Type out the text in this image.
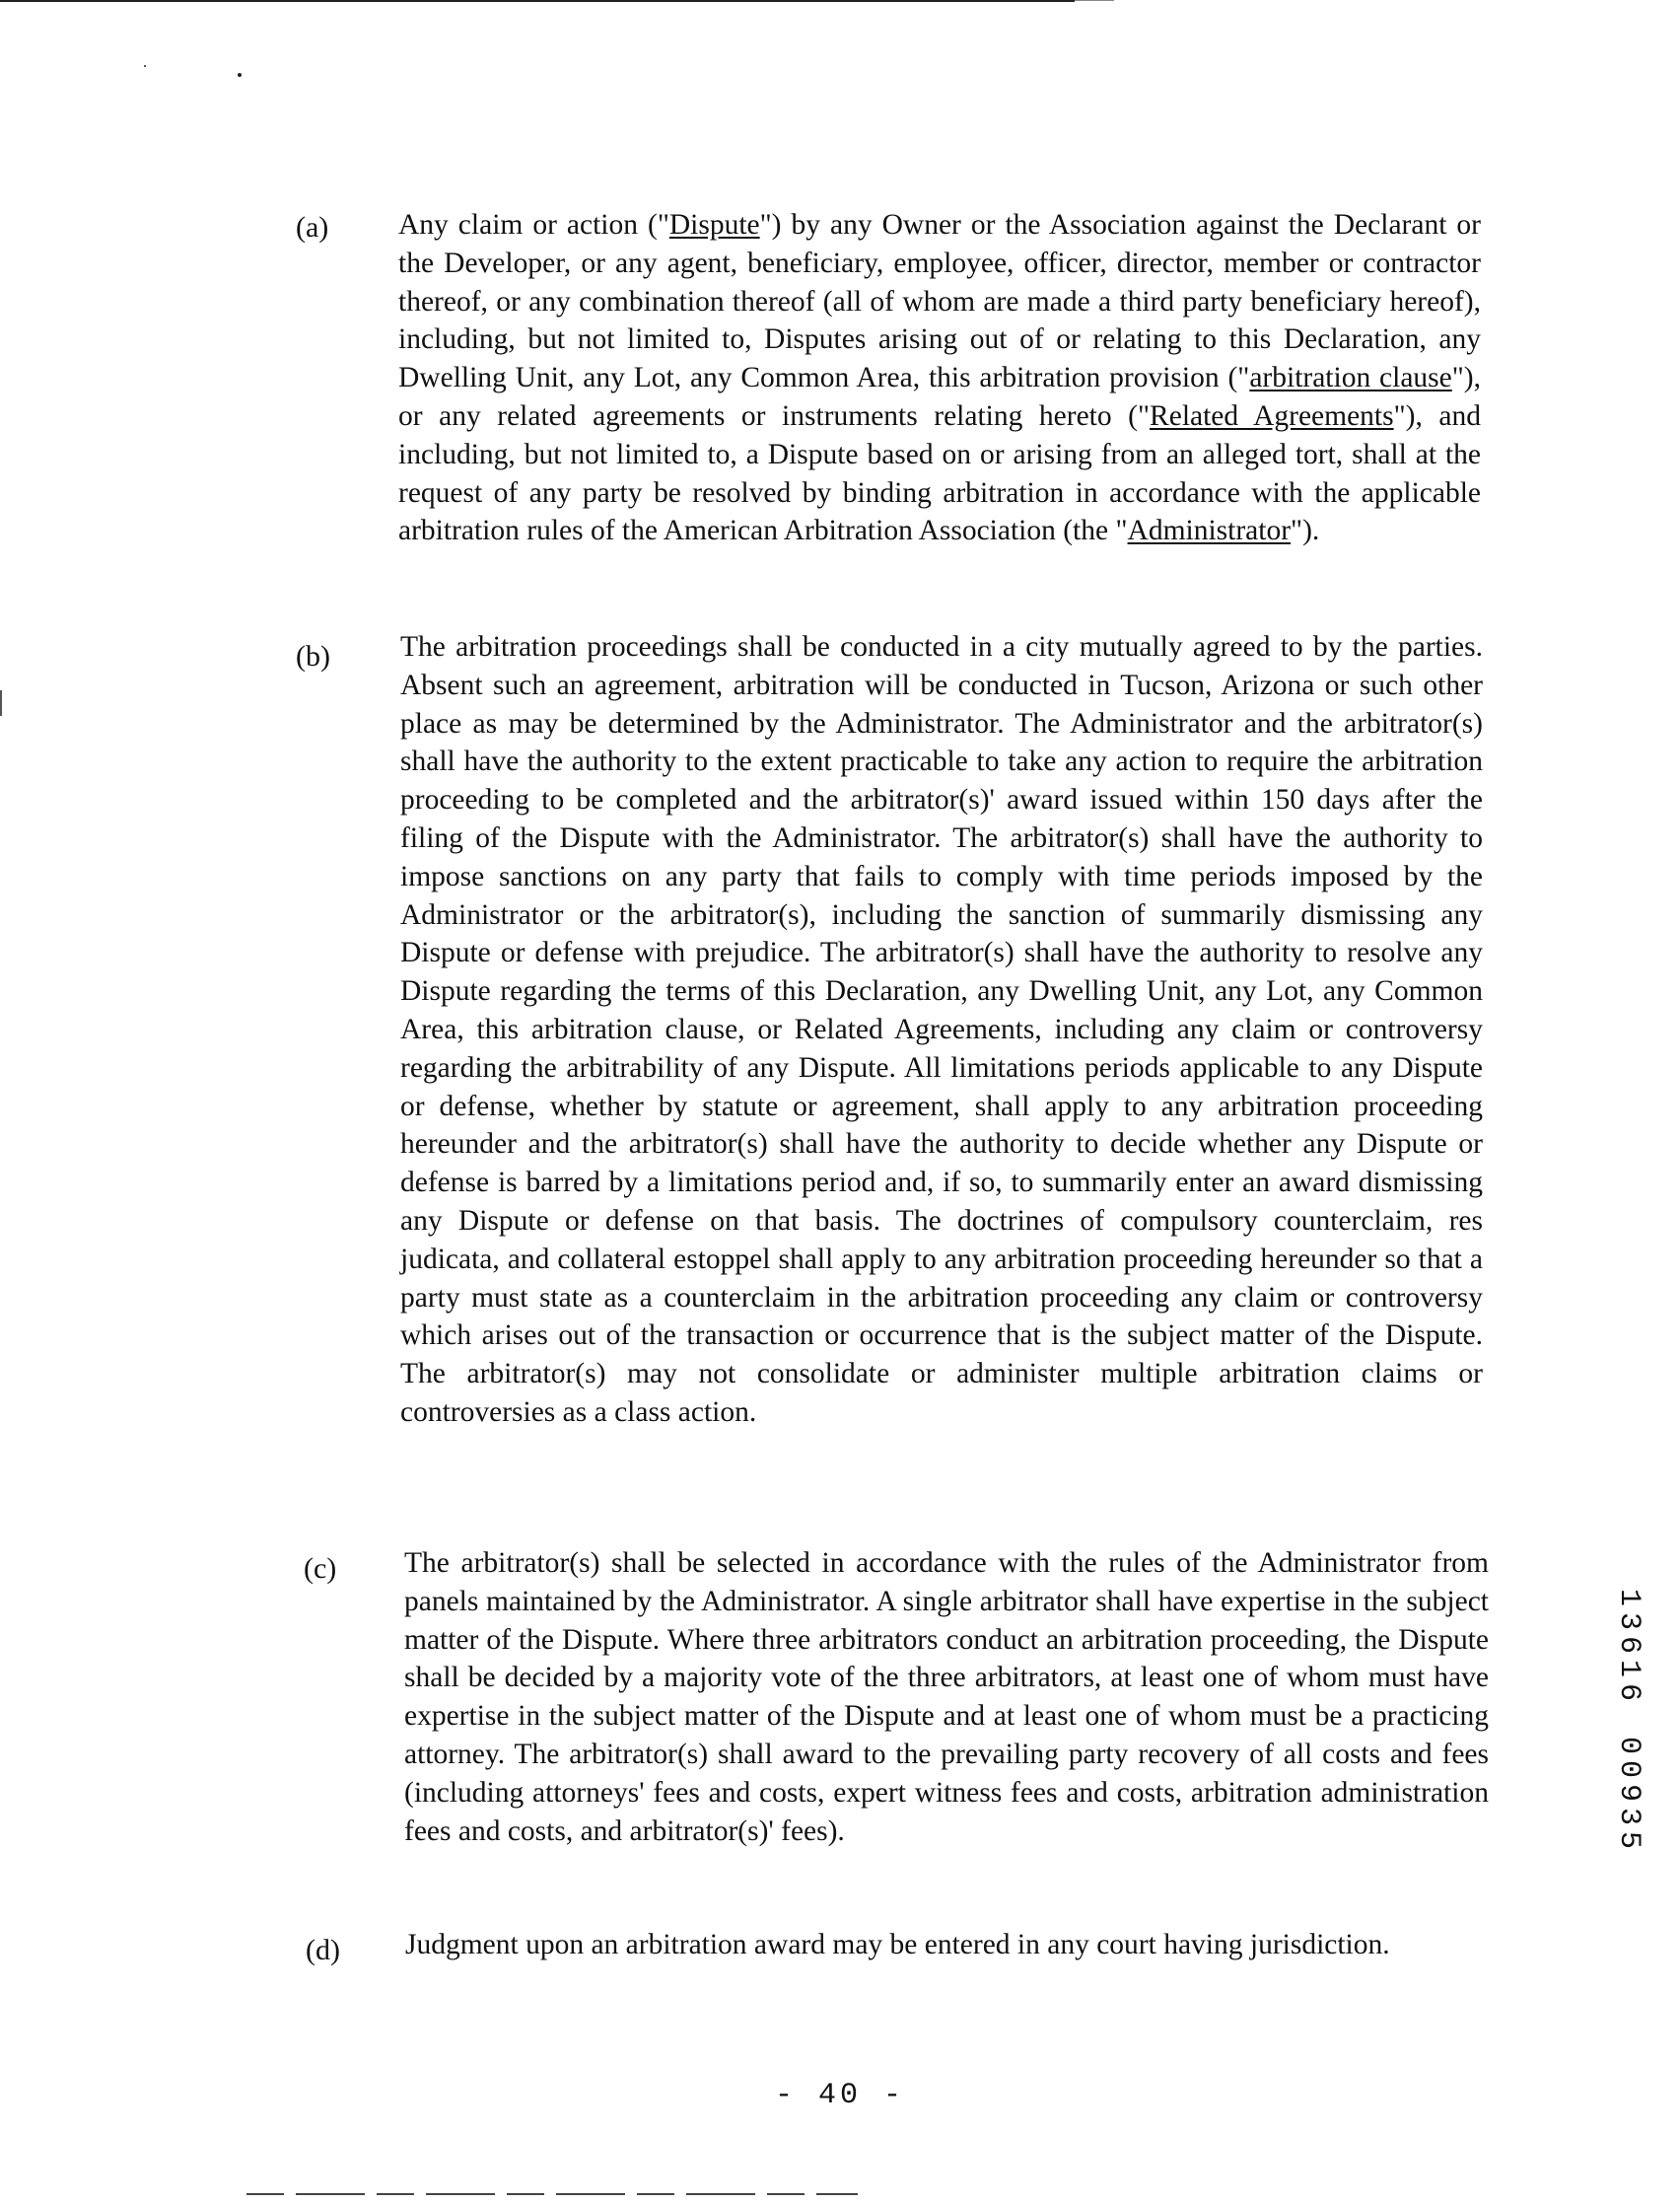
(a) Any claim or action ("Dispute") by any Owner or the Association against the Declarant or the Developer, or any agent, beneficiary, employee, officer, director, member or contractor thereof, or any combination thereof (all of whom are made a third party beneficiary hereof), including, but not limited to, Disputes arising out of or relating to this Declaration, any Dwelling Unit, any Lot, any Common Area, this arbitration provision ("arbitration clause"), or any related agreements or instruments relating hereto ("Related Agreements"), and including, but not limited to, a Dispute based on or arising from an alleged tort, shall at the request of any party be resolved by binding arbitration in accordance with the applicable arbitration rules of the American Arbitration Association (the "Administrator").

(b) The arbitration proceedings shall be conducted in a city mutually agreed to by the parties. Absent such an agreement, arbitration will be conducted in Tucson, Arizona or such other place as may be determined by the Administrator. The Administrator and the arbitrator(s) shall have the authority to the extent practicable to take any action to require the arbitration proceeding to be completed and the arbitrator(s)' award issued within 150 days after the filing of the Dispute with the Administrator. The arbitrator(s) shall have the authority to impose sanctions on any party that fails to comply with time periods imposed by the Administrator or the arbitrator(s), including the sanction of summarily dismissing any Dispute or defense with prejudice. The arbitrator(s) shall have the authority to resolve any Dispute regarding the terms of this Declaration, any Dwelling Unit, any Lot, any Common Area, this arbitration clause, or Related Agreements, including any claim or controversy regarding the arbitrability of any Dispute. All limitations periods applicable to any Dispute or defense, whether by statute or agreement, shall apply to any arbitration proceeding hereunder and the arbitrator(s) shall have the authority to decide whether any Dispute or defense is barred by a limitations period and, if so, to summarily enter an award dismissing any Dispute or defense on that basis. The doctrines of compulsory counterclaim, res judicata, and collateral estoppel shall apply to any arbitration proceeding hereunder so that a party must state as a counterclaim in the arbitration proceeding any claim or controversy which arises out of the transaction or occurrence that is the subject matter of the Dispute. The arbitrator(s) may not consolidate or administer multiple arbitration claims or controversies as a class action.

(c) The arbitrator(s) shall be selected in accordance with the rules of the Administrator from panels maintained by the Administrator. A single arbitrator shall have expertise in the subject matter of the Dispute. Where three arbitrators conduct an arbitration proceeding, the Dispute shall be decided by a majority vote of the three arbitrators, at least one of whom must have expertise in the subject matter of the Dispute and at least one of whom must be a practicing attorney. The arbitrator(s) shall award to the prevailing party recovery of all costs and fees (including attorneys' fees and costs, expert witness fees and costs, arbitration administration fees and costs, and arbitrator(s)' fees).

(d) Judgment upon an arbitration award may be entered in any court having jurisdiction.

- 40 -
1
3
6
1
6
0
0
9
3
5
